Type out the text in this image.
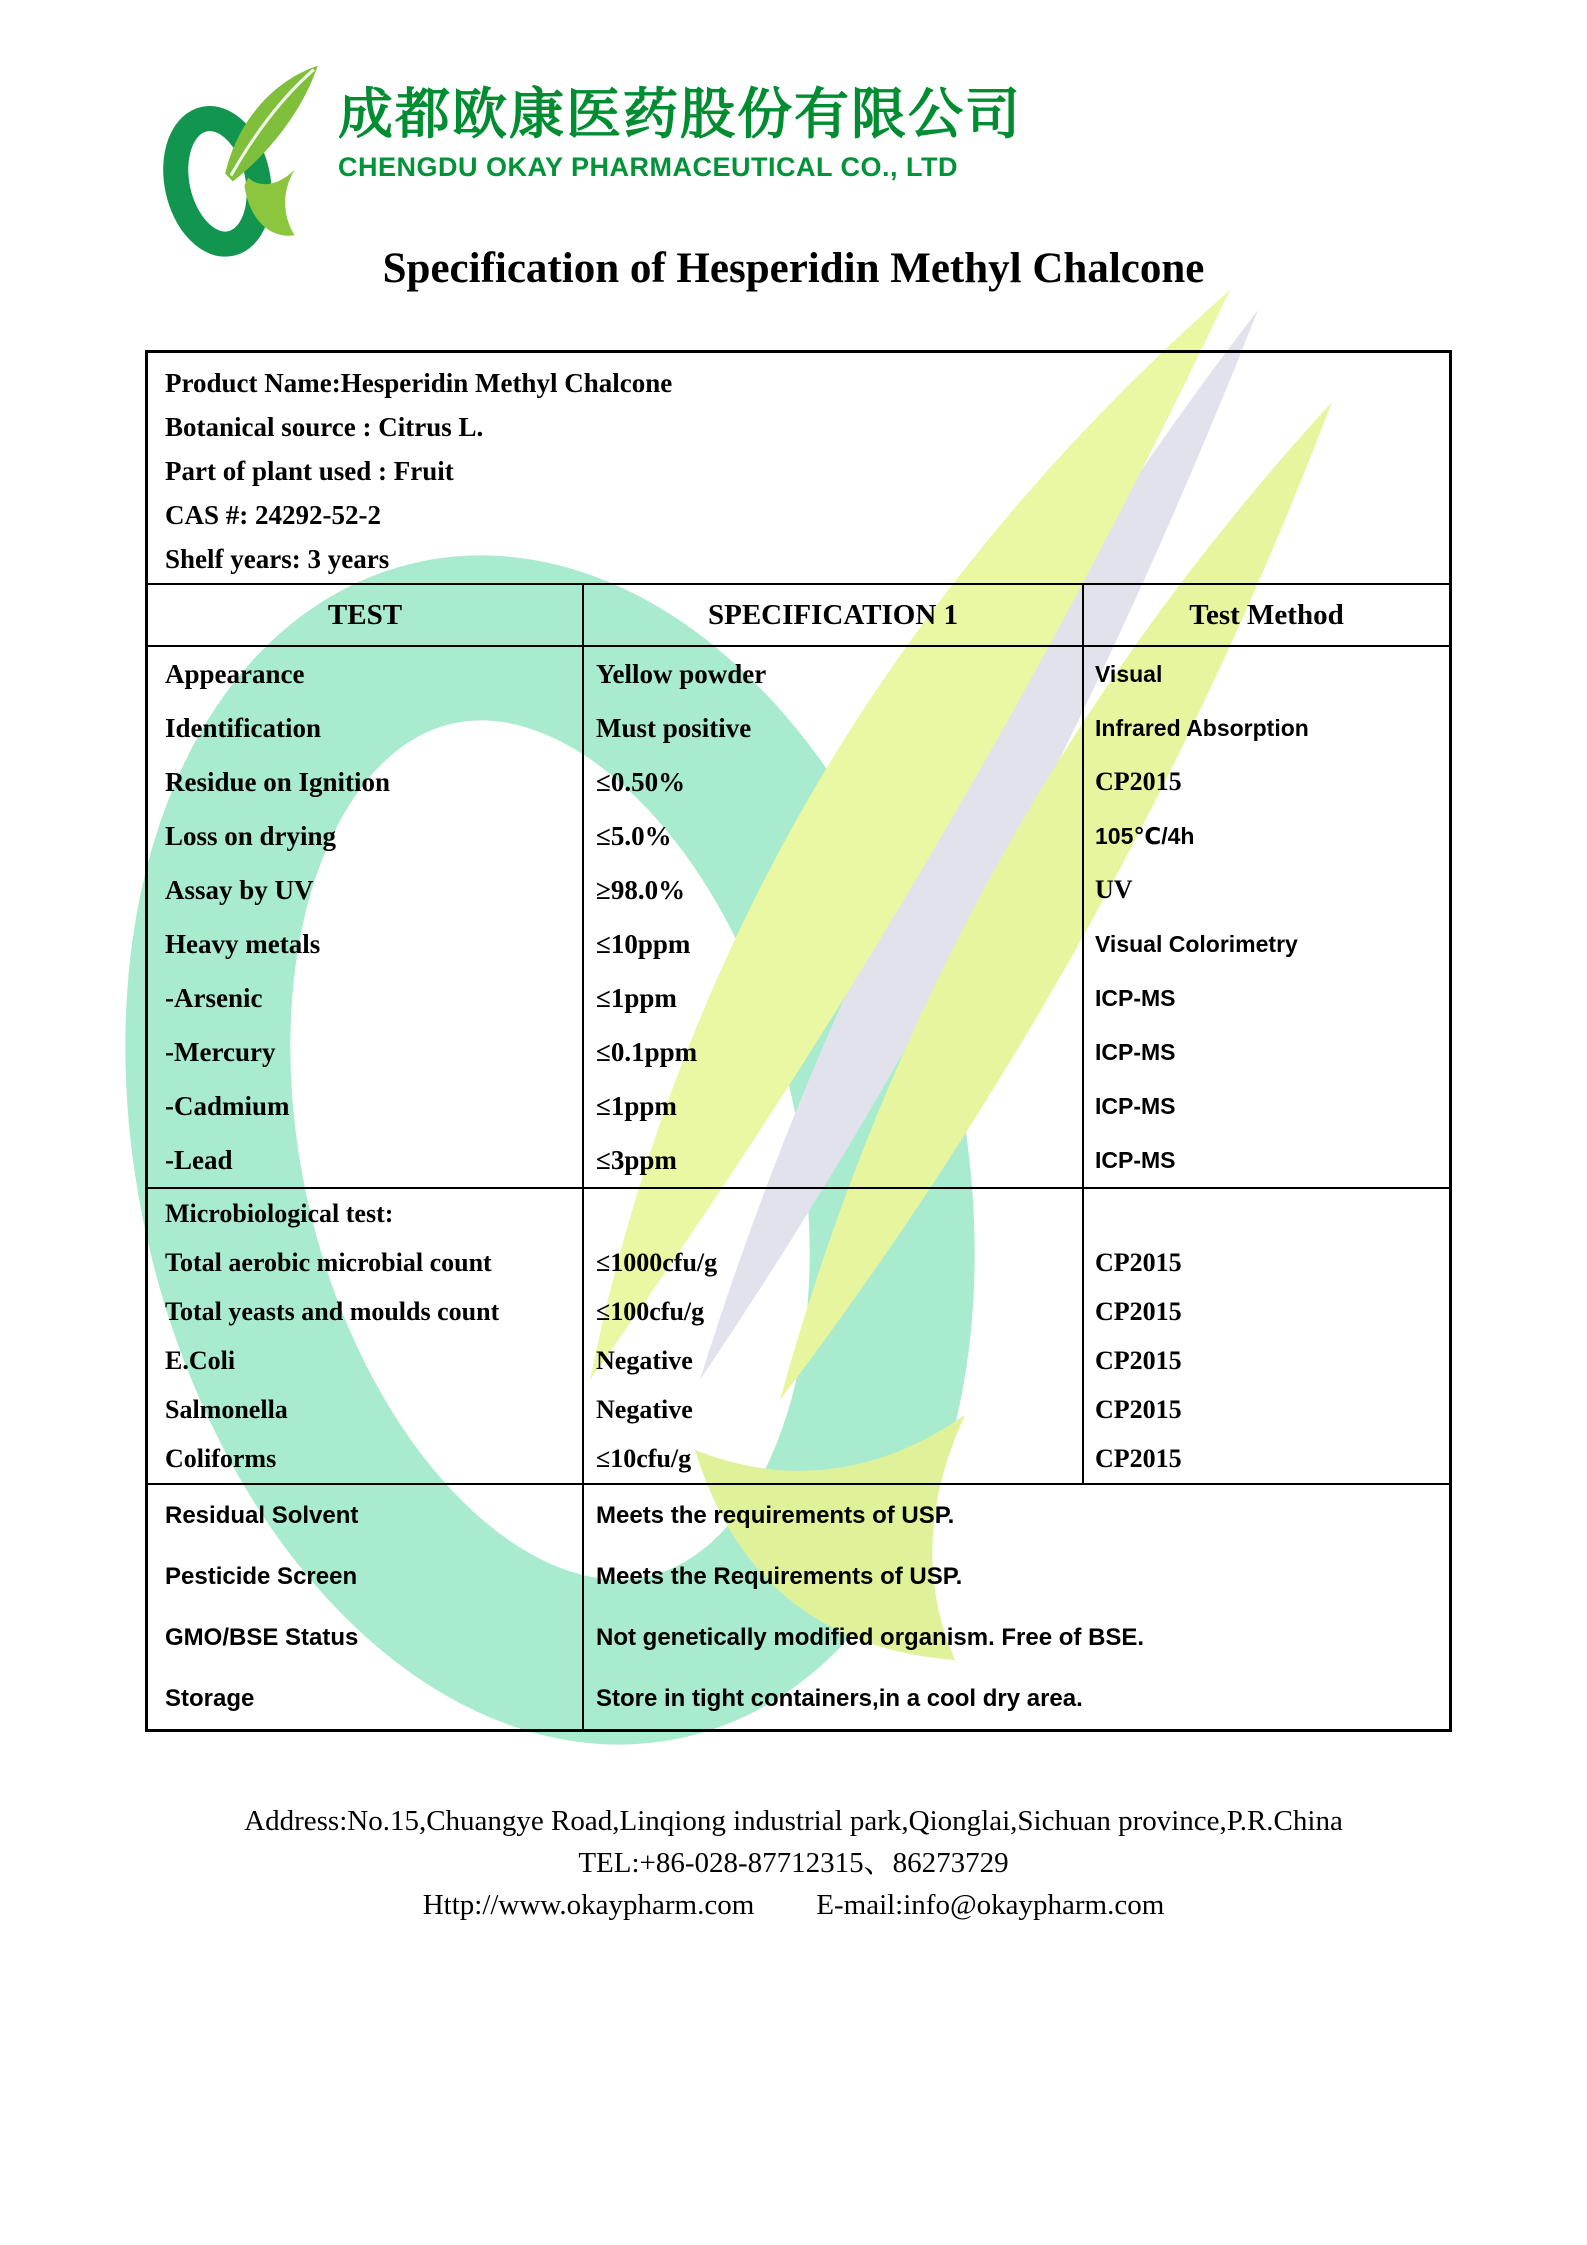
成都欧康医药股份有限公司
CHENGDU OKAY PHARMACEUTICAL CO., LTD
Specification of Hesperidin Methyl Chalcone
Product Name:Hesperidin Methyl Chalcone
Botanical source : Citrus L.
Part of plant used : Fruit
CAS #: 24292-52-2
Shelf years: 3 years
TEST	SPECIFICATION 1	Test Method
Appearance
Identification
Residue on Ignition
Loss on drying
Assay by UV
Heavy metals
-Arsenic
-Mercury
-Cadmium
-Lead
Yellow powder
Must positive
≤0.50%
≤5.0%
≥98.0%
≤10ppm
≤1ppm
≤0.1ppm
≤1ppm
≤3ppm
Visual
Infrared Absorption
CP2015
105℃/4h
UV
Visual Colorimetry
ICP-MS
ICP-MS
ICP-MS
ICP-MS
Microbiological test:
Total aerobic microbial count
Total yeasts and moulds count
E.Coli
Salmonella
Coliforms
≤1000cfu/g
≤100cfu/g
Negative
Negative
≤10cfu/g
CP2015
CP2015
CP2015
CP2015
CP2015
Residual Solvent
Pesticide Screen
GMO/BSE Status
Storage
Meets the requirements of USP.
Meets the Requirements of USP.
Not genetically modified organism. Free of BSE.
Store in tight containers,in a cool dry area.
Address:No.15,Chuangye Road,Linqiong industrial park,Qionglai,Sichuan province,P.R.China
TEL:+86-028-87712315、86273729
Http://www.okaypharm.com E-mail:info@okaypharm.com
